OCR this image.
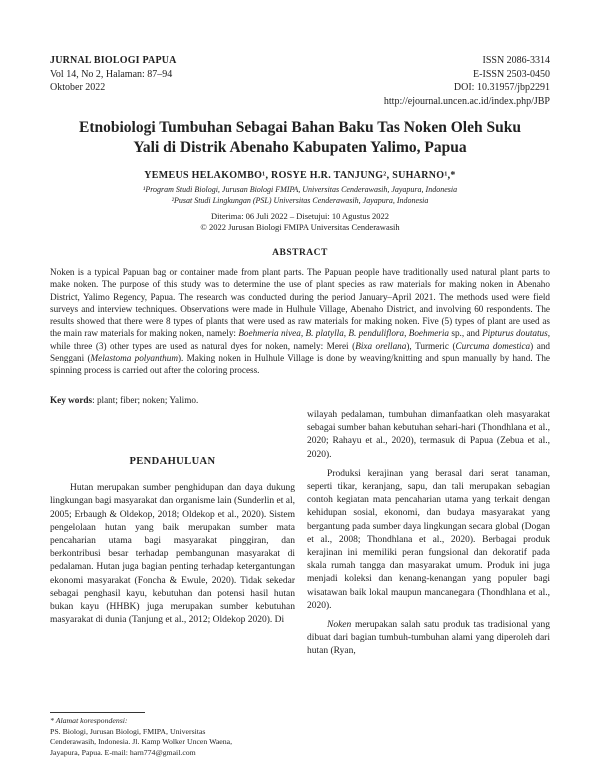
JURNAL BIOLOGI PAPUA
Vol 14, No 2, Halaman: 87–94
Oktober 2022
ISSN 2086-3314
E-ISSN 2503-0450
DOI: 10.31957/jbp2291
http://ejournal.uncen.ac.id/index.php/JBP
Etnobiologi Tumbuhan Sebagai Bahan Baku Tas Noken Oleh Suku
Yali di Distrik Abenaho Kabupaten Yalimo, Papua
YEMEUS HELAKOMBO¹, ROSYE H.R. TANJUNG², SUHARNO¹,*
¹Program Studi Biologi, Jurusan Biologi FMIPA, Universitas Cenderawasih, Jayapura, Indonesia
²Pusat Studi Lingkungan (PSL) Universitas Cenderawasih, Jayapura, Indonesia
Diterima: 06 Juli 2022 – Disetujui: 10 Agustus 2022
© 2022 Jurusan Biologi FMIPA Universitas Cenderawasih
ABSTRACT
Noken is a typical Papuan bag or container made from plant parts. The Papuan people have traditionally used natural plant parts to make noken. The purpose of this study was to determine the use of plant species as raw materials for making noken in Abenaho District, Yalimo Regency, Papua. The research was conducted during the period January–April 2021. The methods used were field surveys and interview techniques. Observations were made in Hulhule Village, Abenaho District, and involving 60 respondents. The results showed that there were 8 types of plants that were used as raw materials for making noken. Five (5) types of plant are used as the main raw materials for making noken, namely: Boehmeria nivea, B. platylla, B. penduliflora, Boehmeria sp., and Pipturus doutatus, while three (3) other types are used as natural dyes for noken, namely: Merei (Bixa orellana), Turmeric (Curcuma domestica) and Senggani (Melastoma polyanthum). Making noken in Hulhule Village is done by weaving/knitting and spun manually by hand. The spinning process is carried out after the coloring process.
Key words: plant; fiber; noken; Yalimo.
PENDAHULUAN

Hutan merupakan sumber penghidupan dan daya dukung lingkungan bagi masyarakat dan organisme lain (Sunderlin et al, 2005; Erbaugh & Oldekop, 2018; Oldekop et al., 2020). Sistem pengelolaan hutan yang baik merupakan sumber mata pencaharian utama bagi masyarakat pinggiran, dan berkontribusi besar terhadap pembangunan masyarakat di pedalaman. Hutan juga bagian penting terhadap ketergantungan ekonomi masyarakat (Foncha & Ewule, 2020). Tidak sekedar sebagai penghasil kayu, kebutuhan dan potensi hasil hutan bukan kayu (HHBK) juga merupakan sumber kebutuhan masyarakat di dunia (Tanjung et al., 2012; Oldekop 2020). Di

wilayah pedalaman, tumbuhan dimanfaatkan oleh masyarakat sebagai sumber bahan kebutuhan sehari-hari (Thondhlana et al., 2020; Rahayu et al., 2020), termasuk di Papua (Zebua et al., 2020).

Produksi kerajinan yang berasal dari serat tanaman, seperti tikar, keranjang, sapu, dan tali merupakan sebagian contoh kegiatan mata pencaharian utama yang terkait dengan kehidupan sosial, ekonomi, dan budaya masyarakat yang bergantung pada sumber daya lingkungan secara global (Dogan et al., 2008; Thondhlana et al., 2020). Berbagai produk kerajinan ini memiliki peran fungsional dan dekoratif pada skala rumah tangga dan masyarakat umum. Produk ini juga menjadi koleksi dan kenang-kenangan yang populer bagi wisatawan baik lokal maupun mancanegara (Thondhlana et al., 2020).

Noken merupakan salah satu produk tas tradisional yang dibuat dari bagian tumbuh-tumbuhan alami yang diperoleh dari hutan (Ryan,

* Alamat korespondensi:
PS. Biologi, Jurusan Biologi, FMIPA, Universitas
Cenderawasih, Indonesia. Jl. Kamp Wolker Uncen Waena,
Jayapura, Papua. E-mail: harn774@gmail.com
